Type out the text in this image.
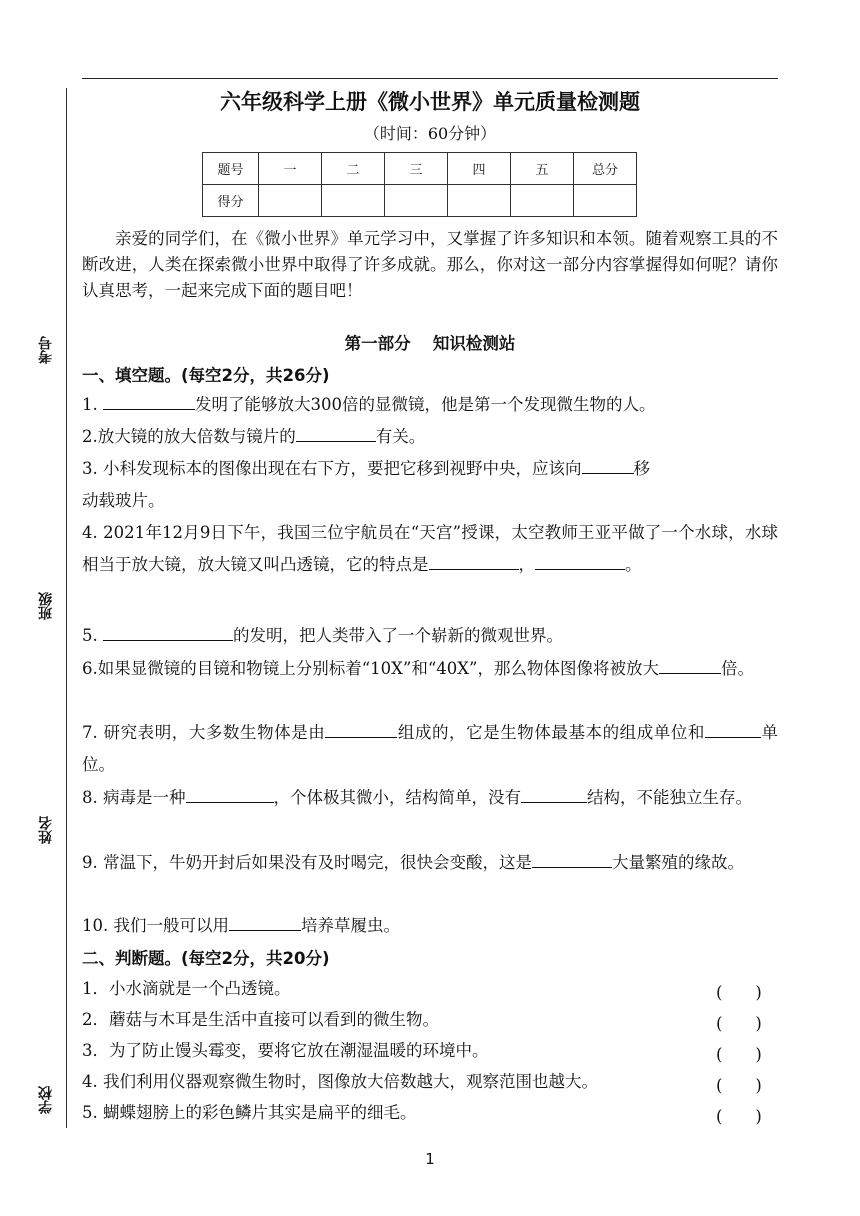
考号
班级
姓名
学校
六年级科学上册《微小世界》单元质量检测题
（时间：60分钟）
题号	一	二	三	四	五	总分
得分						
亲爱的同学们，在《微小世界》单元学习中，又掌握了许多知识和本领。随着观察工具的不断改进，人类在探索微小世界中取得了许多成就。那么，你对这一部分内容掌握得如何呢？请你认真思考，一起来完成下面的题目吧！
第一部分 知识检测站
一、填空题。(每空2分，共26分)
1.	发明了能够放大300倍的显微镜，他是第一个发现微生物的人。
2.放大镜的放大倍数与镜片的	有关。
3. 小科发现标本的图像出现在右下方，要把它移到视野中央，应该向	移
动载玻片。
4. 2021年12月9日下午，我国三位宇航员在“天宫”授课，太空教师王亚平做了一个水球，水球相当于放大镜，放大镜又叫凸透镜，它的特点是	，	。
5.	的发明，把人类带入了一个崭新的微观世界。
6.如果显微镜的目镜和物镜上分别标着“10X”和“40X”，那么物体图像将被放大	倍。
7. 研究表明，大多数生物体是由	组成的，它是生物体最基本的组成单位和	单位。
8. 病毒是一种	，个体极其微小，结构简单，没有	结构，不能独立生存。
9. 常温下，牛奶开封后如果没有及时喝完，很快会变酸，这是	大量繁殖的缘故。
10. 我们一般可以用	培养草履虫。
二、判断题。(每空2分，共20分)
1．小水滴就是一个凸透镜。	(　　)
2．蘑菇与木耳是生活中直接可以看到的微生物。	(　　)
3．为了防止馒头霉变，要将它放在潮湿温暖的环境中。	(　　)
4. 我们利用仪器观察微生物时，图像放大倍数越大，观察范围也越大。	(　　)
5. 蝴蝶翅膀上的彩色鳞片其实是扁平的细毛。	(　　)
1
